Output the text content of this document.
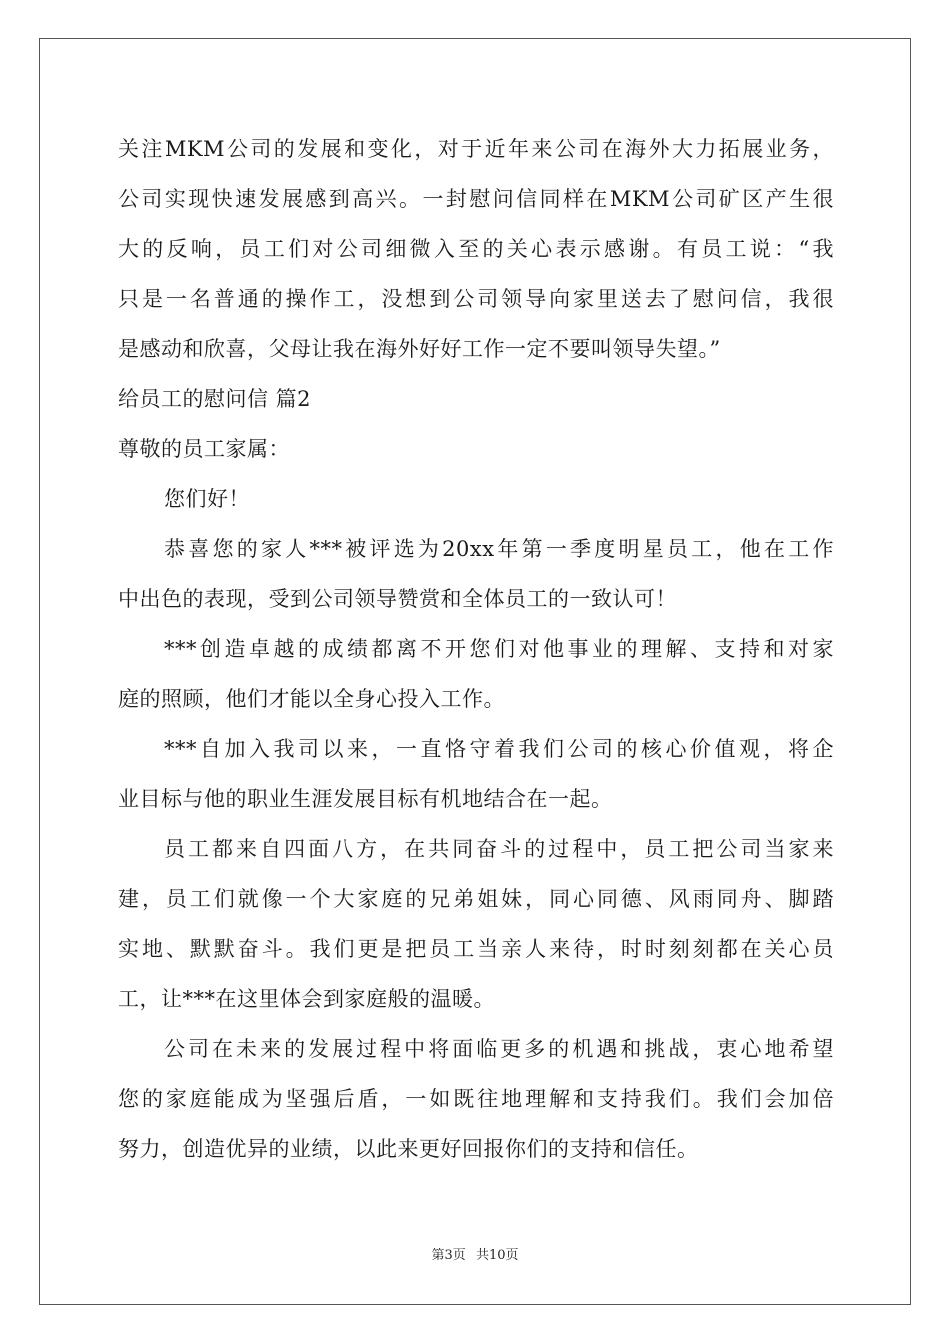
关注MKM公司的发展和变化，对于近年来公司在海外大力拓展业务，
公司实现快速发展感到高兴。一封慰问信同样在MKM公司矿区产生很
大的反响，员工们对公司细微入至的关心表示感谢。有员工说：“我
只是一名普通的操作工，没想到公司领导向家里送去了慰问信，我很
是感动和欣喜，父母让我在海外好好工作一定不要叫领导失望。”
给员工的慰问信 篇2
尊敬的员工家属：
您们好！
恭喜您的家人***被评选为20xx年第一季度明星员工，他在工作
中出色的表现，受到公司领导赞赏和全体员工的一致认可！
***创造卓越的成绩都离不开您们对他事业的理解、支持和对家
庭的照顾，他们才能以全身心投入工作。
***自加入我司以来，一直恪守着我们公司的核心价值观，将企
业目标与他的职业生涯发展目标有机地结合在一起。
员工都来自四面八方，在共同奋斗的过程中，员工把公司当家来
建，员工们就像一个大家庭的兄弟姐妹，同心同德、风雨同舟、脚踏
实地、默默奋斗。我们更是把员工当亲人来待，时时刻刻都在关心员
工，让***在这里体会到家庭般的温暖。
公司在未来的发展过程中将面临更多的机遇和挑战，衷心地希望
您的家庭能成为坚强后盾，一如既往地理解和支持我们。我们会加倍
努力，创造优异的业绩，以此来更好回报你们的支持和信任。
第3页 共10页
